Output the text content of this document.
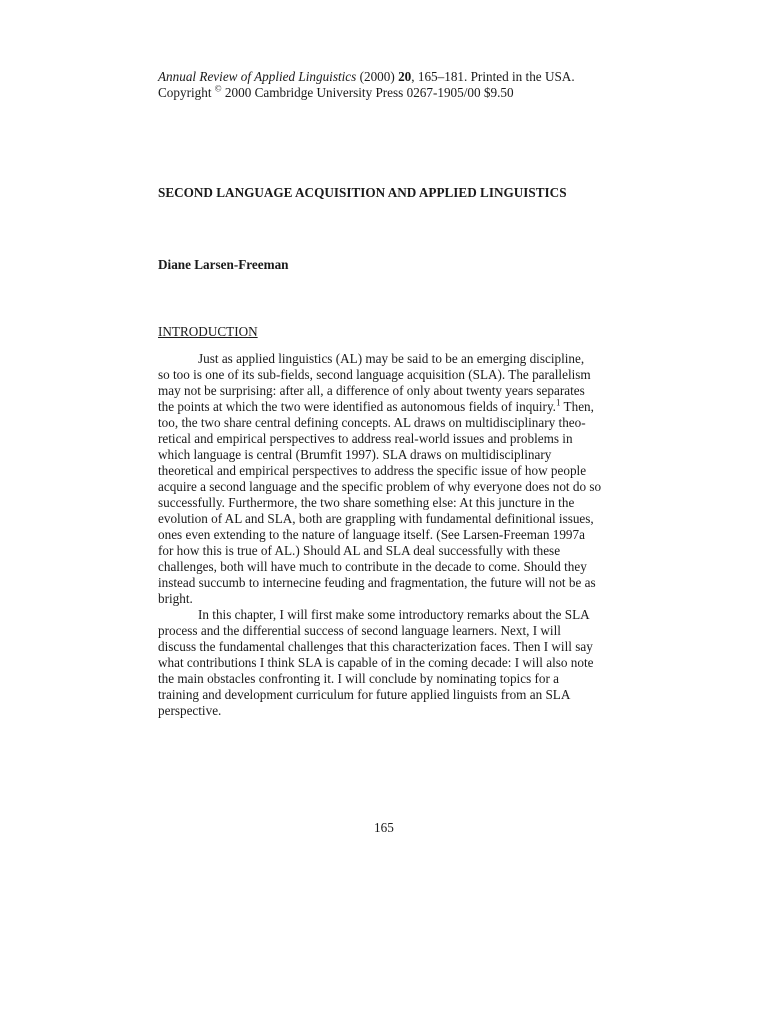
Annual Review of Applied Linguistics (2000) 20, 165–181. Printed in the USA.
Copyright © 2000 Cambridge University Press 0267-1905/00 $9.50
SECOND LANGUAGE ACQUISITION AND APPLIED LINGUISTICS
Diane Larsen-Freeman
INTRODUCTION
Just as applied linguistics (AL) may be said to be an emerging discipline,
so too is one of its sub-fields, second language acquisition (SLA). The parallelism
may not be surprising: after all, a difference of only about twenty years separates
the points at which the two were identified as autonomous fields of inquiry.$^1$ Then,
too, the two share central defining concepts. AL draws on multidisciplinary theo-
retical and empirical perspectives to address real-world issues and problems in
which language is central (Brumfit 1997). SLA draws on multidisciplinary
theoretical and empirical perspectives to address the specific issue of how people
acquire a second language and the specific problem of why everyone does not do so
successfully. Furthermore, the two share something else: At this juncture in the
evolution of AL and SLA, both are grappling with fundamental definitional issues,
ones even extending to the nature of language itself. (See Larsen-Freeman 1997a
for how this is true of AL.) Should AL and SLA deal successfully with these
challenges, both will have much to contribute in the decade to come. Should they
instead succumb to internecine feuding and fragmentation, the future will not be as
bright.
In this chapter, I will first make some introductory remarks about the SLA
process and the differential success of second language learners. Next, I will
discuss the fundamental challenges that this characterization faces. Then I will say
what contributions I think SLA is capable of in the coming decade: I will also note
the main obstacles confronting it. I will conclude by nominating topics for a
training and development curriculum for future applied linguists from an SLA
perspective.
165
